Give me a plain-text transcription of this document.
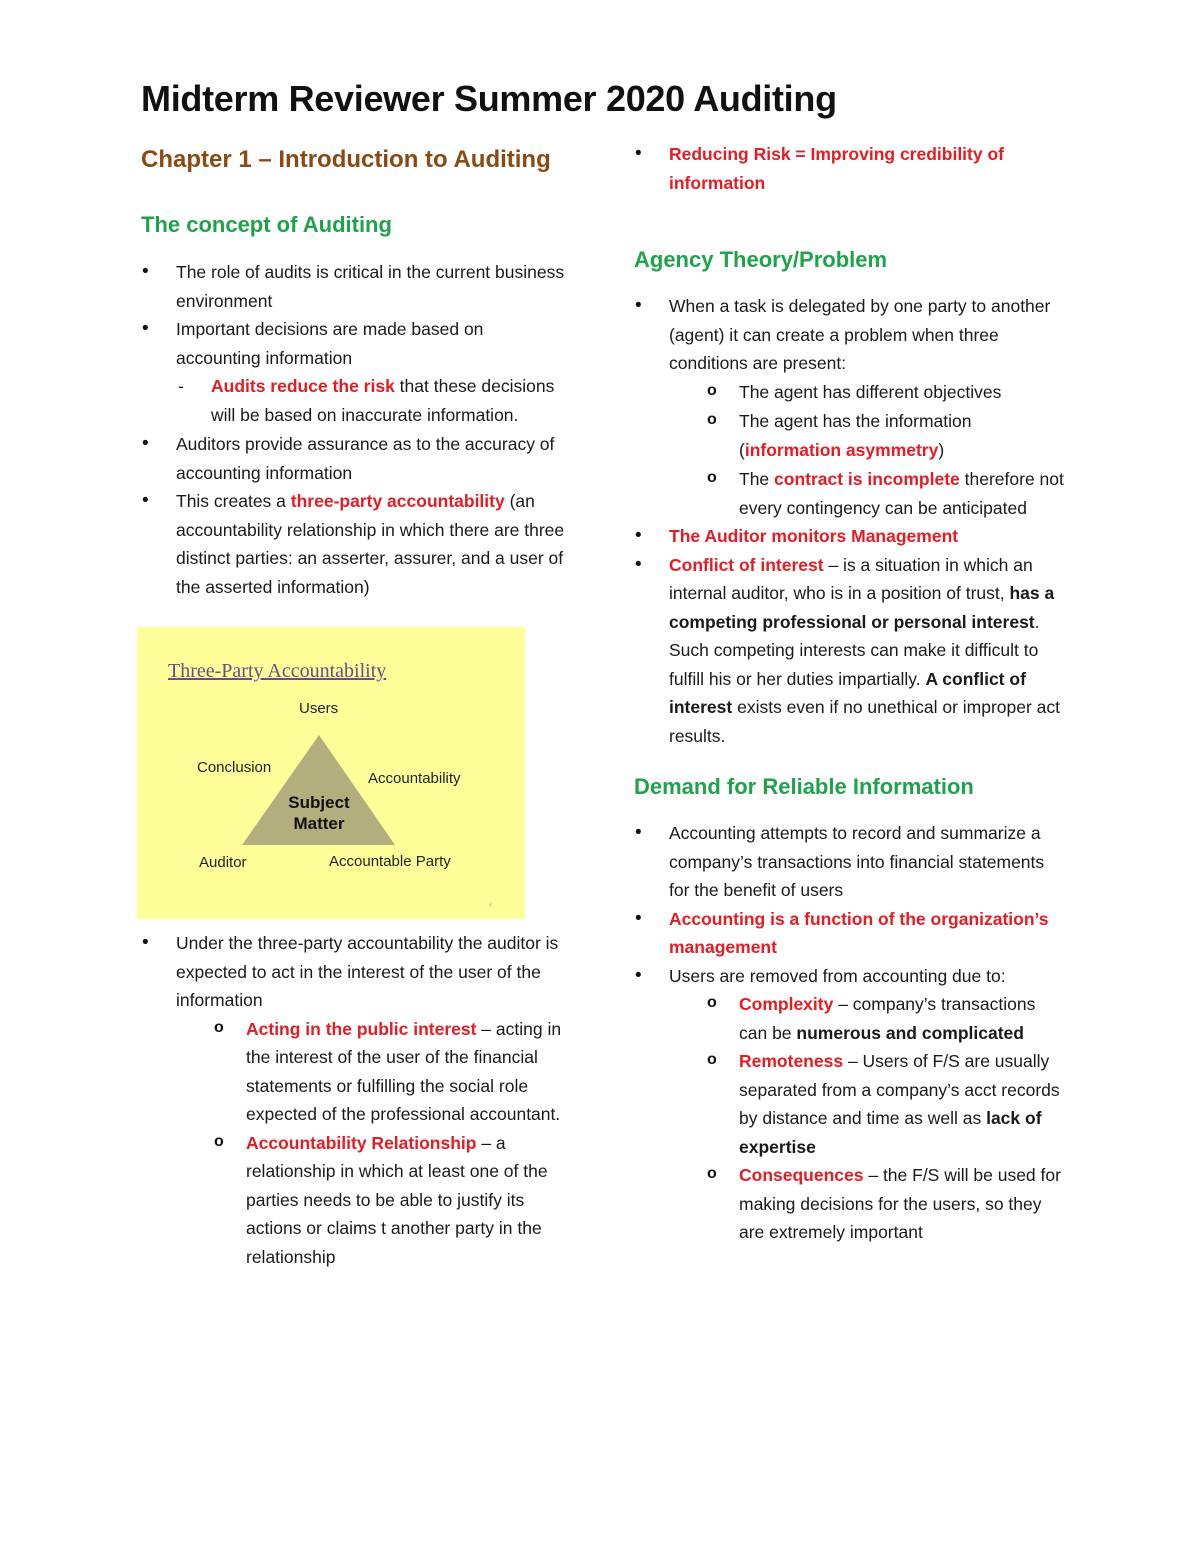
Midterm Reviewer Summer 2020 Auditing
Chapter 1 – Introduction to Auditing
The concept of Auditing
• The role of audits is critical in the current business environment
• Important decisions are made based on accounting information
- Audits reduce the risk that these decisions will be based on inaccurate information.
• Auditors provide assurance as to the accuracy of accounting information
• This creates a three-party accountability (an accountability relationship in which there are three distinct parties: an asserter, assurer, and a user of the asserted information)
‹
Three-Party Accountability
Users
Conclusion
Accountability
Subject
Matter
Auditor	Accountable Party
• Under the three-party accountability the auditor is expected to act in the interest of the user of the information
o Acting in the public interest – acting in the interest of the user of the financial statements or fulfilling the social role expected of the professional accountant.
o Accountability Relationship – a relationship in which at least one of the parties needs to be able to justify its actions or claims t another party in the relationship
• Reducing Risk = Improving credibility of information
Agency Theory/Problem
• When a task is delegated by one party to another (agent) it can create a problem when three conditions are present:
o The agent has different objectives
o The agent has the information (information asymmetry)
o The contract is incomplete therefore not every contingency can be anticipated
• The Auditor monitors Management
• Conflict of interest – is a situation in which an internal auditor, who is in a position of trust, has a competing professional or personal interest. Such competing interests can make it difficult to fulfill his or her duties impartially. A conflict of interest exists even if no unethical or improper act results.
Demand for Reliable Information
• Accounting attempts to record and summarize a company’s transactions into financial statements for the benefit of users
• Accounting is a function of the organization’s management
• Users are removed from accounting due to:
o Complexity – company’s transactions can be numerous and complicated
o Remoteness – Users of F/S are usually separated from a company’s acct records by distance and time as well as lack of expertise
o Consequences – the F/S will be used for making decisions for the users, so they are extremely important
